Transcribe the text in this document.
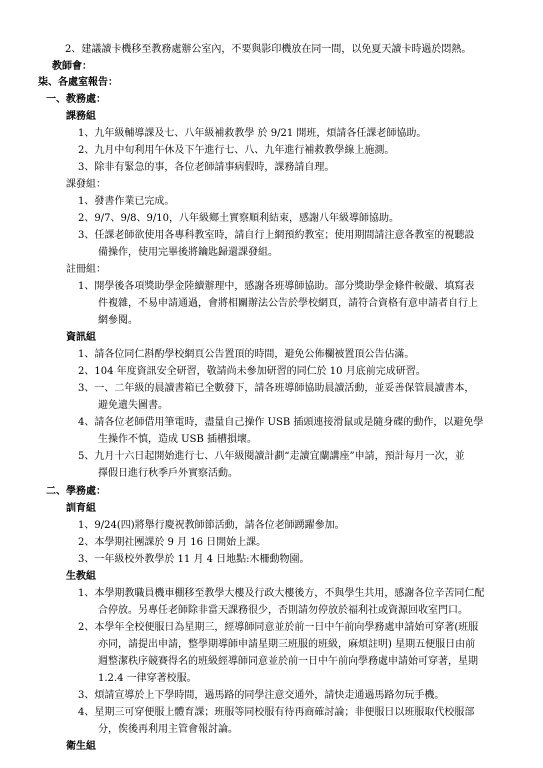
2、建議讀卡機移至教務處辦公室內，不要與影印機放在同一間，以免夏天讀卡時過於悶熱。
教師會：
柒、各處室報告：
一、教務處：
課務組
1、九年級輔導課及七、八年級補救教學 於 9/21 開班，煩請各任課老師協助。
2、九月中旬利用午休及下午進行七、八、九年進行補救教學線上施測。
3、除非有緊急的事，各位老師請事病假時，課務請自理。
課發組：
1、發書作業已完成。
2、9/7、9/8、9/10，八年級鄉土實察順利結束，感謝八年級導師協助。
3、任課老師欲使用各專科教室時，請自行上網預約教室；使用期間請注意各教室的視聽設
備操作，使用完畢後將鑰匙歸還課發組。
註冊組：
1、開學後各項獎助學金陸續辦理中，感謝各班導師協助。部分獎助學金條件較嚴、填寫表
件複雜，不易申請通過，會將相關辦法公告於學校網頁，請符合資格有意申請者自行上
網參閱。
資訊組
1、請各位同仁斟酌學校網頁公告置頂的時間，避免公佈欄被置頂公告佔滿。
2、104 年度資訊安全研習，敬請尚未參加研習的同仁於 10 月底前完成研習。
3、一、二年級的晨讀書箱已全數發下，請各班導師協助晨讀活動，並妥善保管晨讀書本，
避免遺失圖書。
4、請各位老師借用筆電時，盡量自己操作 USB 插頭連接滑鼠或是隨身碟的動作，以避免學
生操作不慎，造成 USB 插槽損壞。
5、九月十六日起開始進行七、八年級閱讀計劃“走讀宜蘭講座”申請，預計每月一次，並
擇假日進行秋季戶外實察活動。
二、學務處：
訓育組
1、9/24(四)將舉行慶祝教師節活動，請各位老師踴躍參加。
2、本學期社團課於 9 月 16 日開始上課。
3、一年級校外教學於 11 月 4 日地點:木柵動物園。
生教組
1、本學期教職員機車棚移至教學大樓及行政大樓後方，不與學生共用，感謝各位辛苦同仁配
合停放。另專任老師除非當天課務很少，否則請勿停放於福利社或資源回收室門口。
2、本學年全校便服日為星期三，經導師同意並於前一日中午前向學務處申請始可穿著(班服
亦同，請提出申請，整學期導師申請星期三班服的班級，麻煩註明) 星期五便服日由前
週整潔秩序競賽得名的班級經導師同意並於前一日中午前向學務處申請始可穿著，星期
1.2.4 一律穿著校服。
3、煩請宣導於上下學時間，過馬路的同學注意交通外，請快走通過馬路勿玩手機。
4、星期三可穿便服上體育課；班服等同校服有待再商確討論；非便服日以班服取代校服部
分，俟後再利用主管會報討論。
衛生組
